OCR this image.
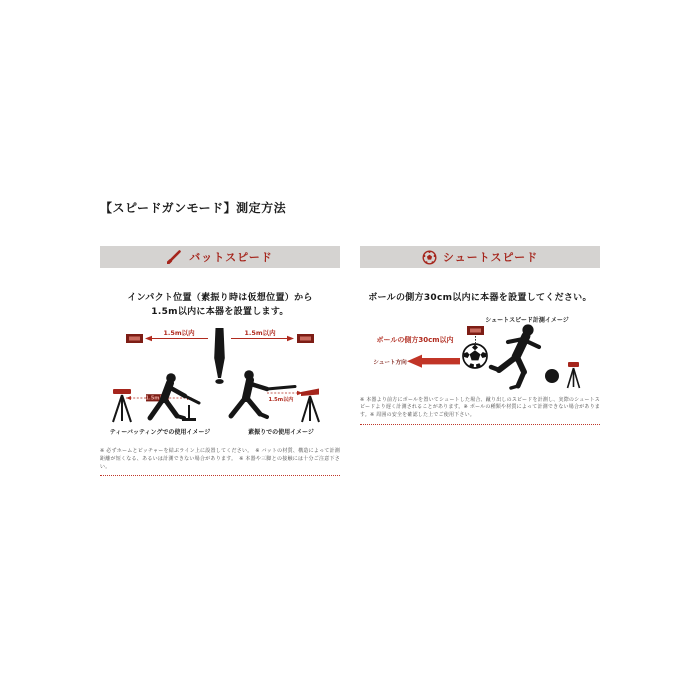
【スピードガンモード】測定方法
バットスピード

インパクト位置（素振り時は仮想位置）から
1.5m以内に本器を設置します。

1.5m以内	1.5m以内
1.5m以内	1.5m以内
ティーバッティングでの使用イメージ	素振りでの使用イメージ

※ 必ずホームとピッチャーを結ぶライン上に設置してください。　※ バットの材質、構造によって計測距離が短くなる、あるいは計測できない場合があります。　※ 本器や三脚との接触には十分ご注意下さい。

シュートスピード

ボールの側方30cm以内に本器を設置してください。

シュートスピード計測イメージ
ボールの側方30cm以内
シュート方向

※ 本器より前方にボールを置いてシュートした場合、蹴り出しのスピードを計測し、実際のシュートスピードより遅く計測されることがあります。※ ボールの種類や材質によって計測できない場合があります。※ 周囲の安全を確認した上でご使用下さい。
